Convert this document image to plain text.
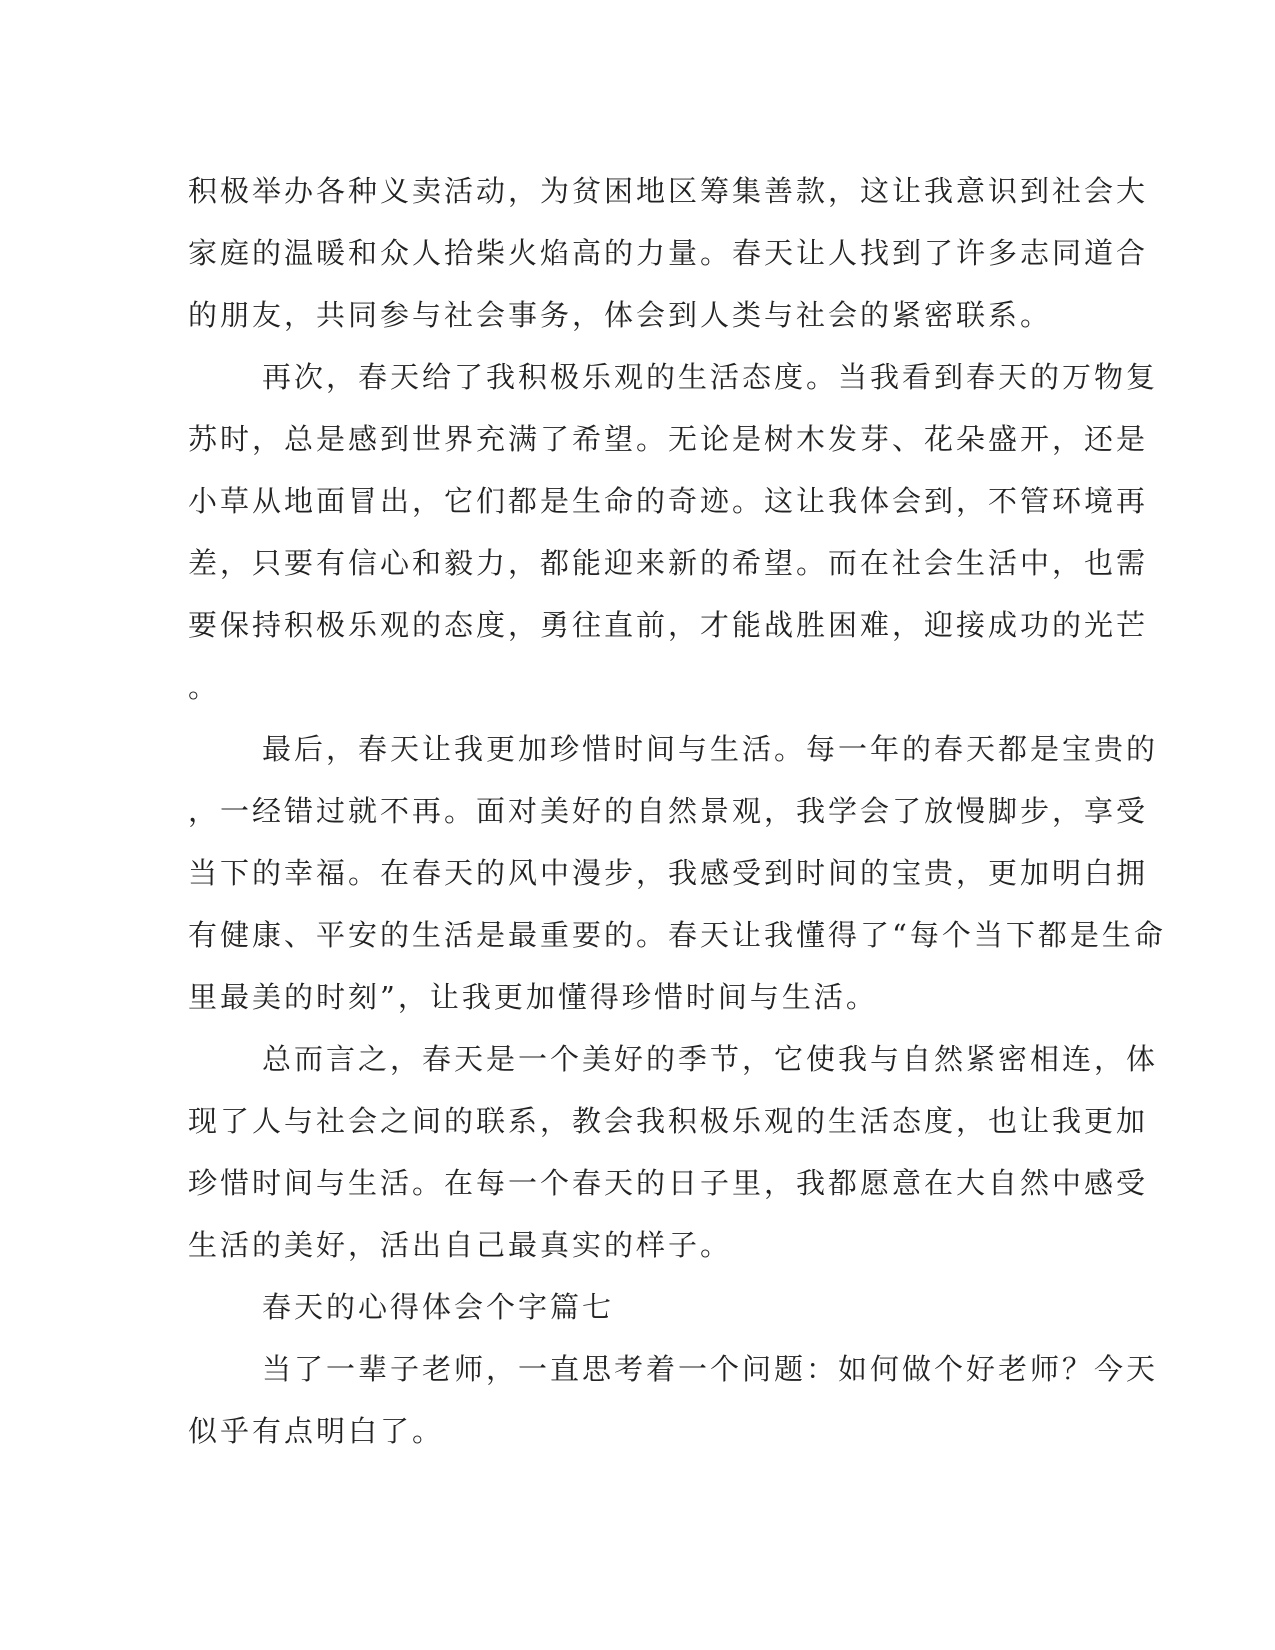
积极举办各种义卖活动，为贫困地区筹集善款，这让我意识到社会大
家庭的温暖和众人拾柴火焰高的力量。春天让人找到了许多志同道合
的朋友，共同参与社会事务，体会到人类与社会的紧密联系。
再次，春天给了我积极乐观的生活态度。当我看到春天的万物复
苏时，总是感到世界充满了希望。无论是树木发芽、花朵盛开，还是
小草从地面冒出，它们都是生命的奇迹。这让我体会到，不管环境再
差，只要有信心和毅力，都能迎来新的希望。而在社会生活中，也需
要保持积极乐观的态度，勇往直前，才能战胜困难，迎接成功的光芒
。
最后，春天让我更加珍惜时间与生活。每一年的春天都是宝贵的
，一经错过就不再。面对美好的自然景观，我学会了放慢脚步，享受
当下的幸福。在春天的风中漫步，我感受到时间的宝贵，更加明白拥
有健康、平安的生活是最重要的。春天让我懂得了“每个当下都是生命
里最美的时刻”，让我更加懂得珍惜时间与生活。
总而言之，春天是一个美好的季节，它使我与自然紧密相连，体
现了人与社会之间的联系，教会我积极乐观的生活态度，也让我更加
珍惜时间与生活。在每一个春天的日子里，我都愿意在大自然中感受
生活的美好，活出自己最真实的样子。
春天的心得体会个字篇七
当了一辈子老师，一直思考着一个问题：如何做个好老师？今天
似乎有点明白了。
